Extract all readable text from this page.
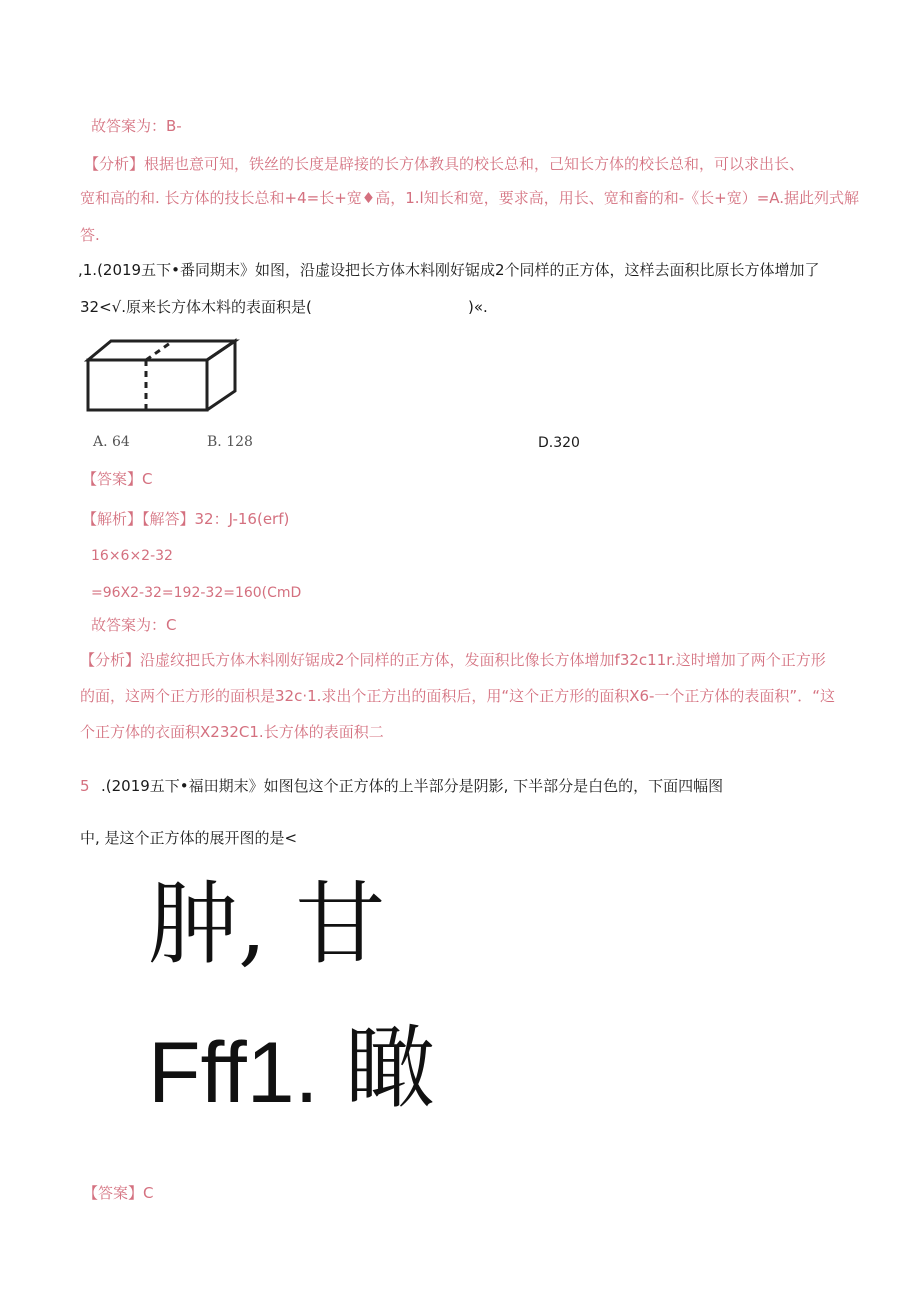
故答案为：B-
【分析】根据也意可知，铁丝的长度是辟接的长方体教具的校长总和，己知长方体的校长总和，可以求出长、
宽和高的和. 长方体的技长总和+4=长+宽♦高，1.l知长和宽，要求高，用长、宽和畜的和-《长+宽）=A.据此列式解
答.
,1.(2019五下•番同期末》如图，沿虚设把长方体木料刚好锯成2个同样的正方体，这样去面积比原长方体增加了
32<√.原来长方体木料的表面积是(	)«.
A. 64	B. 128	D.320
【答案】C
【解析】【解答】32：J-16(erf)
16×6×2-32
=96X2-32=192-32=160(CmD
故答案为：C
【分析】沿虚纹把氏方体木料刚好锯成2个同样的正方体，发面积比像长方体增加f32c11r.这时增加了两个正方形
的面，这两个正方形的面枳是32c·1.求出个正方出的面积后，用“这个正方形的面积X6-一个正方体的表面积”．“这
个正方体的衣面积X232C1.长方体的表面积二
5 .(2019五下•福田期末》如图包这个正方体的上半部分是阴影, 下半部分是白色的，下面四幅图
中, 是这个正方体的展开图的是<
肿, 甘
Fff1. 瞰
【答案】C
